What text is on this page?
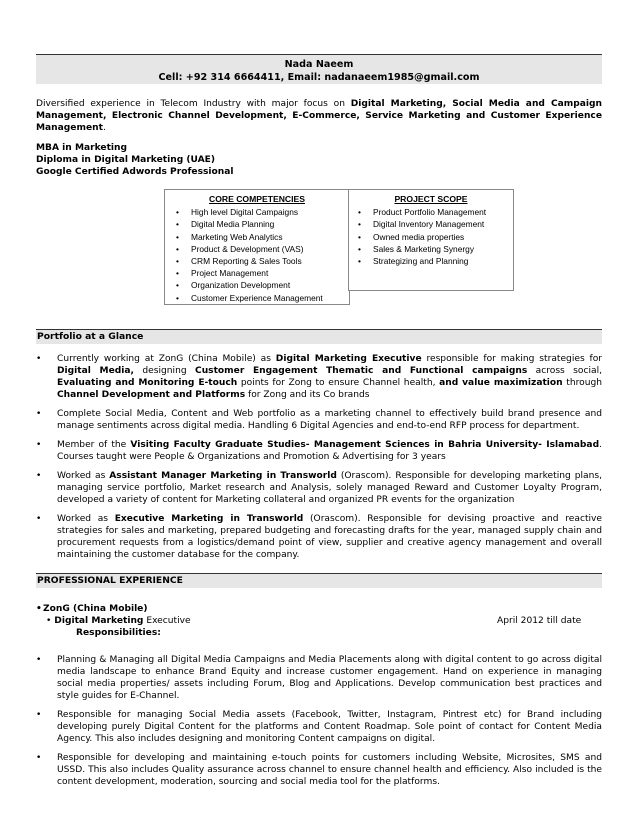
Nada Naeem
Cell: +92 314 6664411, Email: nadanaeem1985@gmail.com
Diversified experience in Telecom Industry with major focus on Digital Marketing, Social Media and Campaign Management, Electronic Channel Development, E-Commerce, Service Marketing and Customer Experience Management.
MBA in Marketing
Diploma in Digital Marketing (UAE)
Google Certified Adwords Professional
CORE COMPETENCIES
• High level Digital Campaigns
• Digital Media Planning
• Marketing Web Analytics
• Product & Development (VAS)
• CRM Reporting & Sales Tools
• Project Management
• Organization Development
• Customer Experience Management
PROJECT SCOPE
• Product Portfolio Management
• Digital Inventory Management
• Owned media properties
• Sales & Marketing Synergy
• Strategizing and Planning
Portfolio at a Glance
• Currently working at ZonG (China Mobile) as Digital Marketing Executive responsible for making strategies for Digital Media, designing Customer Engagement Thematic and Functional campaigns across social, Evaluating and Monitoring E-touch points for Zong to ensure Channel health, and value maximization through Channel Development and Platforms for Zong and its Co brands
• Complete Social Media, Content and Web portfolio as a marketing channel to effectively build brand presence and manage sentiments across digital media. Handling 6 Digital Agencies and end-to-end RFP process for department.
• Member of the Visiting Faculty Graduate Studies- Management Sciences in Bahria University- Islamabad. Courses taught were People & Organizations and Promotion & Advertising for 3 years
• Worked as Assistant Manager Marketing in Transworld (Orascom). Responsible for developing marketing plans, managing service portfolio, Market research and Analysis, solely managed Reward and Customer Loyalty Program, developed a variety of content for Marketing collateral and organized PR events for the organization
• Worked as Executive Marketing in Transworld (Orascom). Responsible for devising proactive and reactive strategies for sales and marketing, prepared budgeting and forecasting drafts for the year, managed supply chain and procurement requests from a logistics/demand point of view, supplier and creative agency management and overall maintaining the customer database for the company.
PROFESSIONAL EXPERIENCE
•ZonG (China Mobile)
• Digital Marketing Executive	April 2012 till date
Responsibilities:
• Planning & Managing all Digital Media Campaigns and Media Placements along with digital content to go across digital media landscape to enhance Brand Equity and increase customer engagement. Hand on experience in managing social media properties/ assets including Forum, Blog and Applications. Develop communication best practices and style guides for E-Channel.
• Responsible for managing Social Media assets (Facebook, Twitter, Instagram, Pintrest etc) for Brand including developing purely Digital Content for the platforms and Content Roadmap. Sole point of contact for Content Media Agency. This also includes designing and monitoring Content campaigns on digital.
• Responsible for developing and maintaining e-touch points for customers including Website, Microsites, SMS and USSD. This also includes Quality assurance across channel to ensure channel health and efficiency. Also included is the content development, moderation, sourcing and social media tool for the platforms.
